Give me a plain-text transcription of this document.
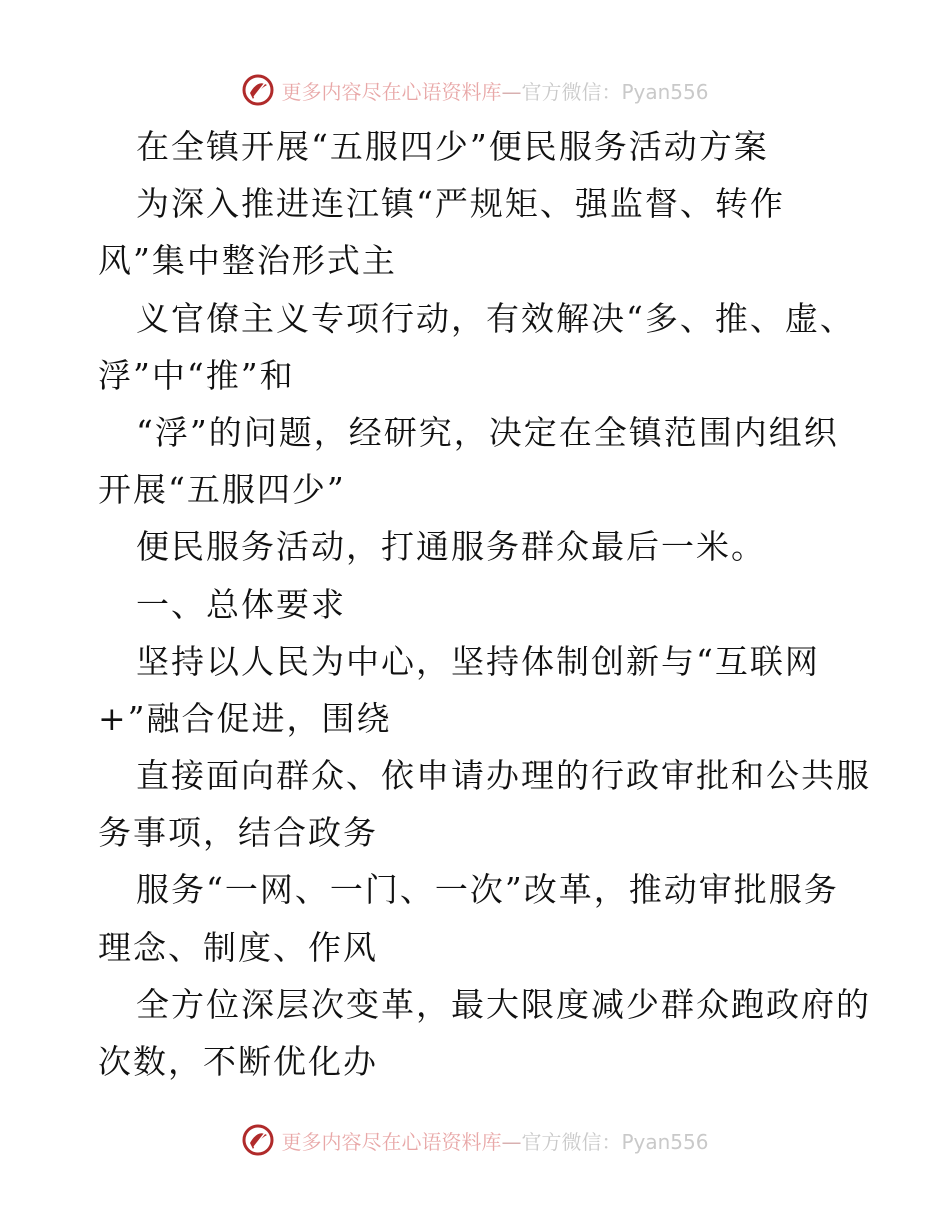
更多内容尽在心语资料库—官方微信：Pyan556
在全镇开展“五服四少”便民服务活动方案
为深入推进连江镇“严规矩、强监督、转作
风”集中整治形式主
义官僚主义专项行动，有效解决“多、推、虚、
浮”中“推”和
“浮”的问题，经研究，决定在全镇范围内组织
开展“五服四少”
便民服务活动，打通服务群众最后一米。
一、总体要求
坚持以人民为中心，坚持体制创新与“互联网
+”融合促进，围绕
直接面向群众、依申请办理的行政审批和公共服
务事项，结合政务
服务“一网、一门、一次”改革，推动审批服务
理念、制度、作风
全方位深层次变革，最大限度减少群众跑政府的
次数，不断优化办
更多内容尽在心语资料库—官方微信：Pyan556
